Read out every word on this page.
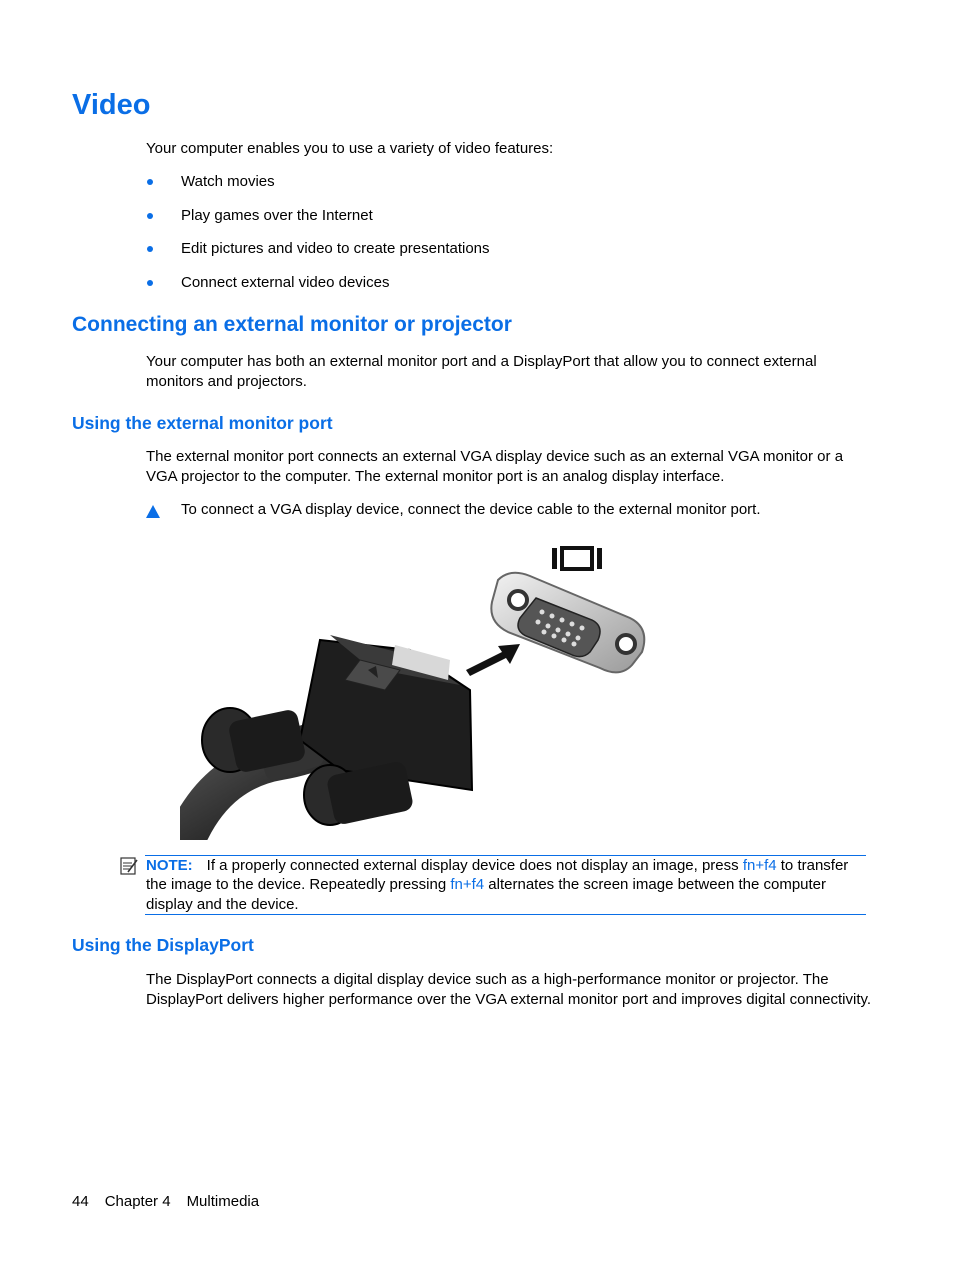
Video

Your computer enables you to use a variety of video features:

Watch movies
Play games over the Internet
Edit pictures and video to create presentations
Connect external video devices
Connecting an external monitor or projector

Your computer has both an external monitor port and a DisplayPort that allow you to connect external monitors and projectors.

Using the external monitor port

The external monitor port connects an external VGA display device such as an external VGA monitor or a VGA projector to the computer. The external monitor port is an analog display interface.

To connect a VGA display device, connect the device cable to the external monitor port.

NOTE: If a properly connected external display device does not display an image, press fn+f4 to transfer the image to the device. Repeatedly pressing fn+f4 alternates the screen image between the computer display and the device.

Using the DisplayPort

The DisplayPort connects a digital display device such as a high-performance monitor or projector. The DisplayPort delivers higher performance over the VGA external monitor port and improves digital connectivity.

44 Chapter 4 Multimedia
